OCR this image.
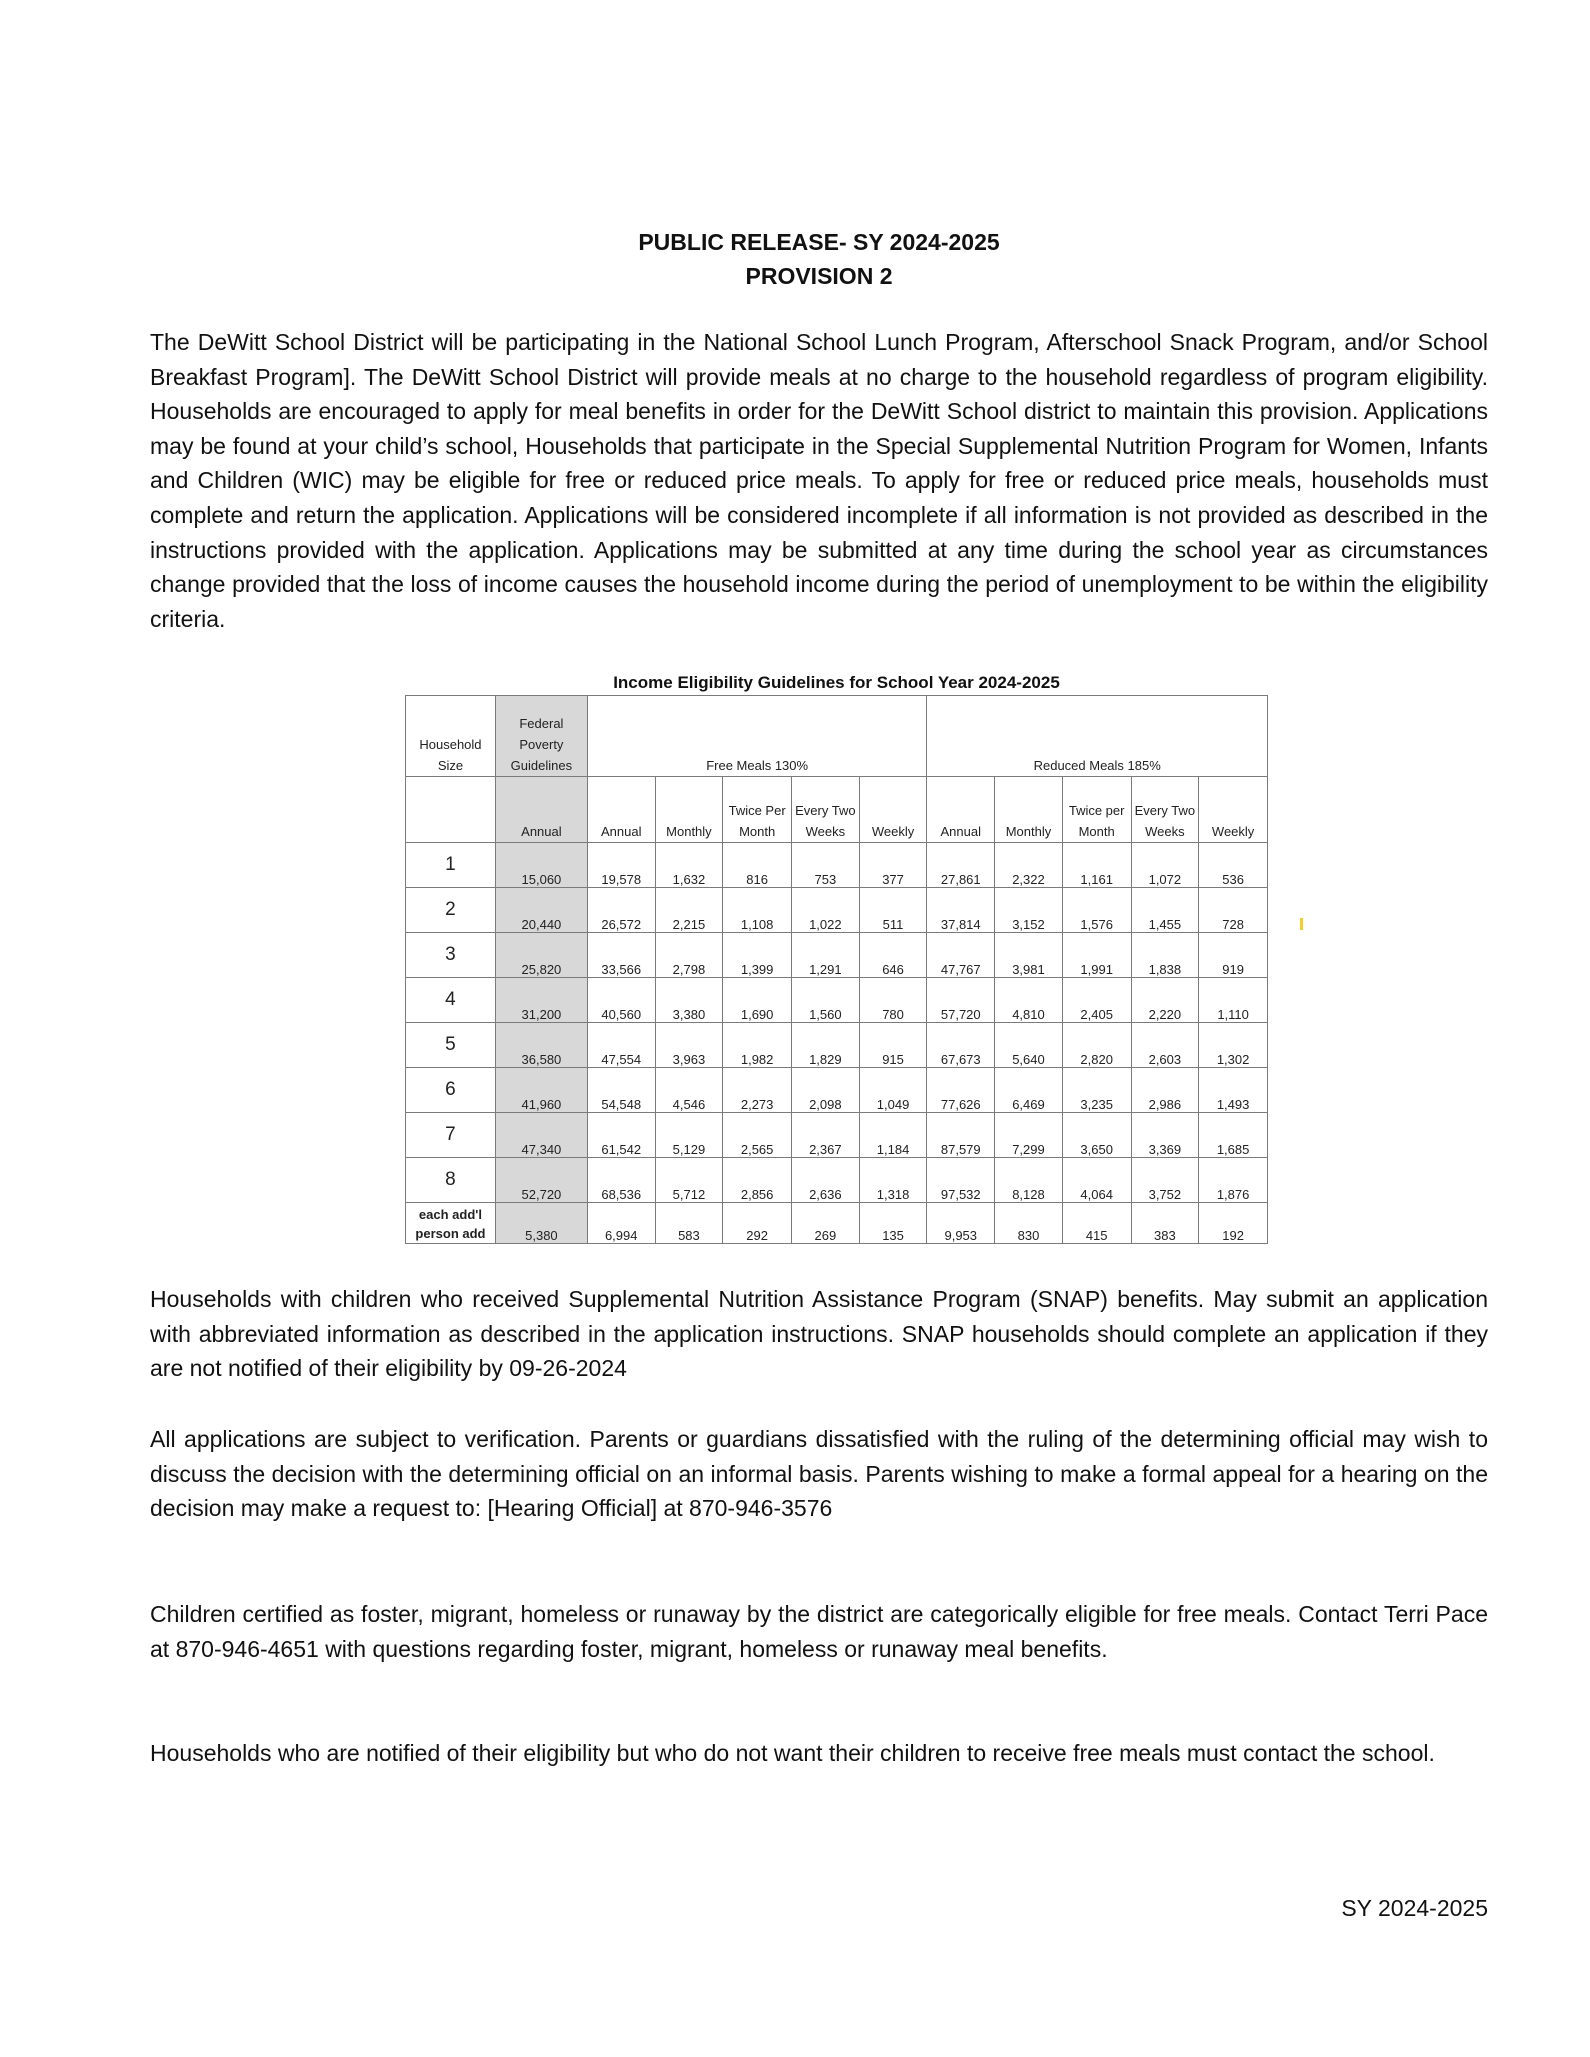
PUBLIC RELEASE- SY 2024-2025
PROVISION 2

The DeWitt School District will be participating in the National School Lunch Program, Afterschool Snack Program, and/or School Breakfast Program]. The DeWitt School District will provide meals at no charge to the household regardless of program eligibility. Households are encouraged to apply for meal benefits in order for the DeWitt School district to maintain this provision. Applications may be found at your child’s school, Households that participate in the Special Supplemental Nutrition Program for Women, Infants and Children (WIC) may be eligible for free or reduced price meals. To apply for free or reduced price meals, households must complete and return the application. Applications will be considered incomplete if all information is not provided as described in the instructions provided with the application. Applications may be submitted at any time during the school year as circumstances change provided that the loss of income causes the household income during the period of unemployment to be within the eligibility criteria.

Income Eligibility Guidelines for School Year 2024-2025
Household Size	Federal Poverty Guidelines	Free Meals 130%					Reduced Meals 185%				
	Annual	Annual	Monthly	Twice Per Month	Every Two Weeks	Weekly	Annual	Monthly	Twice per Month	Every Two Weeks	Weekly
1	15,060	19,578	1,632	816	753	377	27,861	2,322	1,161	1,072	536
2	20,440	26,572	2,215	1,108	1,022	511	37,814	3,152	1,576	1,455	728
3	25,820	33,566	2,798	1,399	1,291	646	47,767	3,981	1,991	1,838	919
4	31,200	40,560	3,380	1,690	1,560	780	57,720	4,810	2,405	2,220	1,110
5	36,580	47,554	3,963	1,982	1,829	915	67,673	5,640	2,820	2,603	1,302
6	41,960	54,548	4,546	2,273	2,098	1,049	77,626	6,469	3,235	2,986	1,493
7	47,340	61,542	5,129	2,565	2,367	1,184	87,579	7,299	3,650	3,369	1,685
8	52,720	68,536	5,712	2,856	2,636	1,318	97,532	8,128	4,064	3,752	1,876
each add'l person add	5,380	6,994	583	292	269	135	9,953	830	415	383	192

Households with children who received Supplemental Nutrition Assistance Program (SNAP) benefits. May submit an application with abbreviated information as described in the application instructions. SNAP households should complete an application if they are not notified of their eligibility by 09-26-2024

All applications are subject to verification. Parents or guardians dissatisfied with the ruling of the determining official may wish to discuss the decision with the determining official on an informal basis. Parents wishing to make a formal appeal for a hearing on the decision may make a request to: [Hearing Official] at 870-946-3576

Children certified as foster, migrant, homeless or runaway by the district are categorically eligible for free meals. Contact Terri Pace at 870-946-4651 with questions regarding foster, migrant, homeless or runaway meal benefits.

Households who are notified of their eligibility but who do not want their children to receive free meals must contact the school.

SY 2024-2025
